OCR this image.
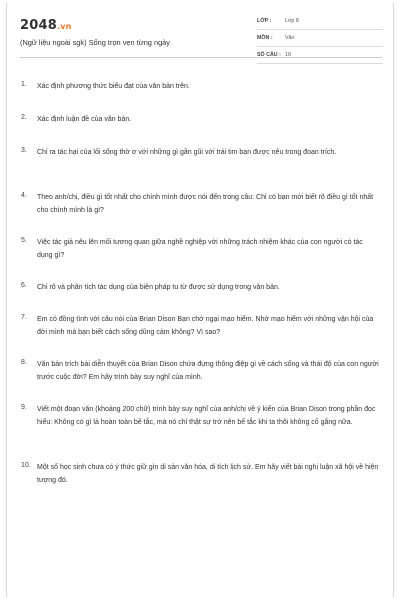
2048.vn
(Ngữ liệu ngoài sgk) Sống trọn vẹn từng ngày
LỚP :	Lớp 8
MÔN :	Văn
SỐ CÂU : 10
1. Xác định phương thức biểu đạt của văn bản trên.
2. Xác định luận đề của văn bản.
3. Chỉ ra tác hại của lối sống thờ ơ với những gì gần gũi với trái tim bạn được nêu trong đoạn trích.
4. Theo anh/chị, điều gì tốt nhất cho chính mình được nói đến trong câu: Chỉ có bạn mới biết rõ điều gì tốt nhất cho chính mình là gì?
5. Việc tác giả nêu lên mối tương quan giữa nghề nghiệp với những trách nhiệm khác của con người có tác dụng gì?
6. Chỉ rõ và phân tích tác dụng của biện pháp tu từ được sử dụng trong văn bản.
7. Em có đồng tình với câu nói của Brian Dison Bạn chớ ngại mạo hiểm. Nhờ mạo hiểm với những vận hội của đời mình mà bạn biết cách sống dũng cảm không? Vì sao?
8. Văn bản trích bài diễn thuyết của Brian Dison chứa đựng thông điệp gì về cách sống và thái độ của con người trước cuộc đời? Em hãy trình bày suy nghĩ của mình.
9. Viết một đoạn văn (khoảng 200 chữ) trình bày suy nghĩ của anh/chị về ý kiến của Brian Dison trong phần đọc hiểu: Không có gì là hoàn toàn bế tắc, mà nó chỉ thật sự trở nên bế tắc khi ta thôi không cố gắng nữa.
10. Một số học sinh chưa có ý thức giữ gìn di sản văn hóa, di tích lịch sử. Em hãy viết bài nghị luận xã hội về hiện tượng đó.
